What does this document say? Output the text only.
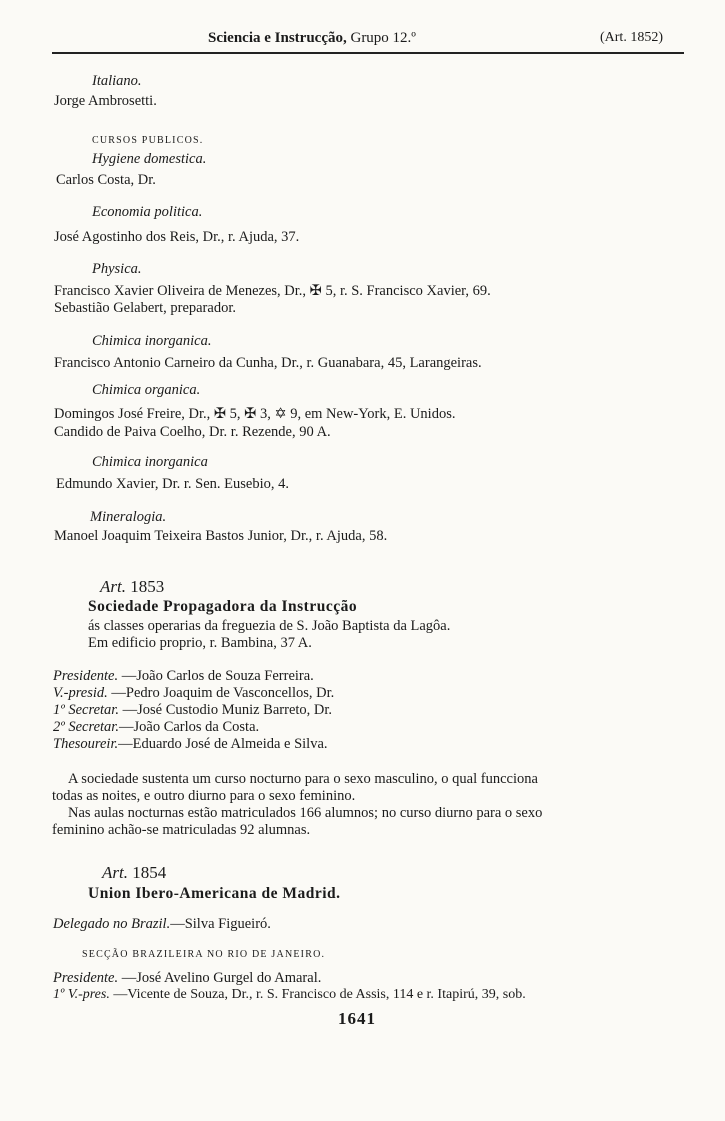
Sciencia e Instrucção, Grupo 12.º	(Art. 1852)
Italiano.
Jorge Ambrosetti.
CURSOS PUBLICOS.
Hygiene domestica.
Carlos Costa, Dr.
Economia politica.
José Agostinho dos Reis, Dr., r. Ajuda, 37.
Physica.
Francisco Xavier Oliveira de Menezes, Dr., ✠ 5, r. S. Francisco Xavier, 69.
Sebastião Gelabert, preparador.
Chimica inorganica.
Francisco Antonio Carneiro da Cunha, Dr., r. Guanabara, 45, Larangeiras.
Chimica organica.
Domingos José Freire, Dr., ✠ 5, ✠ 3, ✡ 9, em New-York, E. Unidos.
Candido de Paiva Coelho, Dr. r. Rezende, 90 A.
Chimica inorganica
Edmundo Xavier, Dr. r. Sen. Eusebio, 4.
Mineralogia.
Manoel Joaquim Teixeira Bastos Junior, Dr., r. Ajuda, 58.
Art. 1853
Sociedade Propagadora da Instrucção
ás classes operarias da freguezia de S. João Baptista da Lagôa.
Em edificio proprio, r. Bambina, 37 A.
Presidente. —João Carlos de Souza Ferreira.
V.-presid. —Pedro Joaquim de Vasconcellos, Dr.
1º Secretar. —José Custodio Muniz Barreto, Dr.
2º Secretar.—João Carlos da Costa.
Thesoureir.—Eduardo José de Almeida e Silva.
A sociedade sustenta um curso nocturno para o sexo masculino, o qual funcciona
todas as noites, e outro diurno para o sexo feminino.
Nas aulas nocturnas estão matriculados 166 alumnos; no curso diurno para o sexo
feminino achão-se matriculadas 92 alumnas.
Art. 1854
Union Ibero-Americana de Madrid.
Delegado no Brazil.—Silva Figueiró.
SECÇÃO BRAZILEIRA NO RIO DE JANEIRO.
Presidente. —José Avelino Gurgel do Amaral.
1º V.-pres. —Vicente de Souza, Dr., r. S. Francisco de Assis, 114 e r. Itapirú, 39, sob.
1641
